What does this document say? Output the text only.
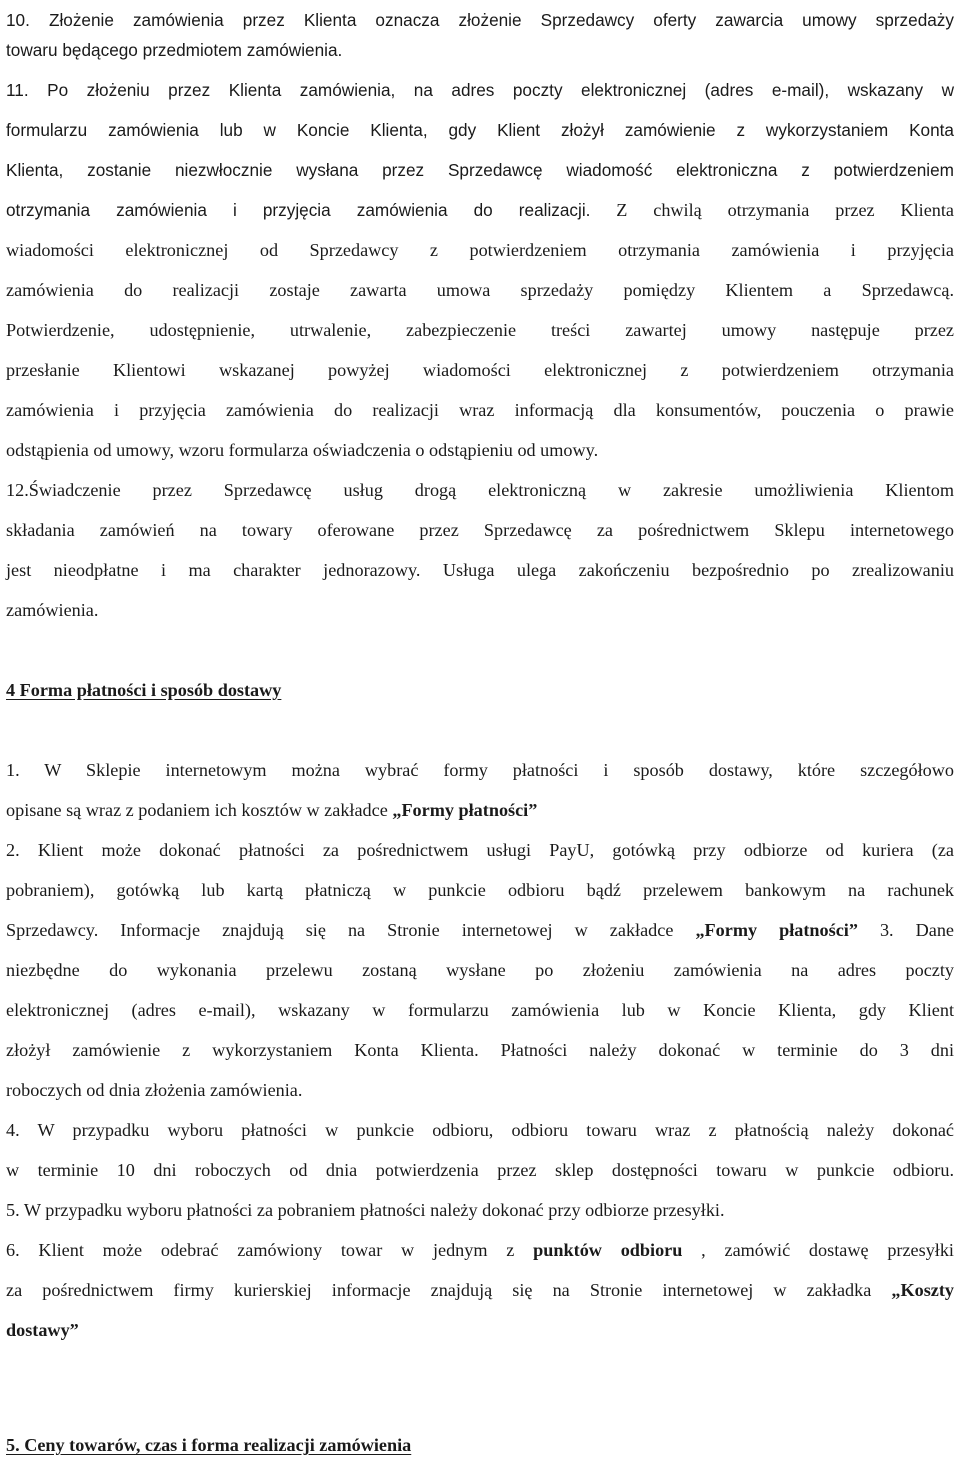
10. Złożenie zamówienia przez Klienta oznacza złożenie Sprzedawcy oferty zawarcia umowy sprzedaży
towaru będącego przedmiotem zamówienia.
11. Po złożeniu przez Klienta zamówienia, na adres poczty elektronicznej (adres e-mail), wskazany w
formularzu zamówienia lub w Koncie Klienta, gdy Klient złożył zamówienie z wykorzystaniem Konta
Klienta, zostanie niezwłocznie wysłana przez Sprzedawcę wiadomość elektroniczna z potwierdzeniem
otrzymania zamówienia i przyjęcia zamówienia do realizacji. Z chwilą otrzymania przez Klienta
wiadomości elektronicznej od Sprzedawcy z potwierdzeniem otrzymania zamówienia i przyjęcia
zamówienia do realizacji zostaje zawarta umowa sprzedaży pomiędzy Klientem a Sprzedawcą.
Potwierdzenie, udostępnienie, utrwalenie, zabezpieczenie treści zawartej umowy następuje przez
przesłanie Klientowi wskazanej powyżej wiadomości elektronicznej z potwierdzeniem otrzymania
zamówienia i przyjęcia zamówienia do realizacji wraz informacją dla konsumentów, pouczenia o prawie
odstąpienia od umowy, wzoru formularza oświadczenia o odstąpieniu od umowy.
12.Świadczenie przez Sprzedawcę usług drogą elektroniczną w zakresie umożliwienia Klientom
składania zamówień na towary oferowane przez Sprzedawcę za pośrednictwem Sklepu internetowego
jest nieodpłatne i ma charakter jednorazowy. Usługa ulega zakończeniu bezpośrednio po zrealizowaniu
zamówienia.
4 Forma płatności i sposób dostawy
1. W Sklepie internetowym można wybrać formy płatności i sposób dostawy, które szczegółowo
opisane są wraz z podaniem ich kosztów w zakładce „Formy płatności”
2. Klient może dokonać płatności za pośrednictwem usługi PayU, gotówką przy odbiorze od kuriera (za
pobraniem), gotówką lub kartą płatniczą w punkcie odbioru bądź przelewem bankowym na rachunek
Sprzedawcy. Informacje znajdują się na Stronie internetowej w zakładce „Formy płatności” 3. Dane
niezbędne do wykonania przelewu zostaną wysłane po złożeniu zamówienia na adres poczty
elektronicznej (adres e-mail), wskazany w formularzu zamówienia lub w Koncie Klienta, gdy Klient
złożył zamówienie z wykorzystaniem Konta Klienta. Płatności należy dokonać w terminie do 3 dni
roboczych od dnia złożenia zamówienia.
4. W przypadku wyboru płatności w punkcie odbioru, odbioru towaru wraz z płatnością należy dokonać
w terminie 10 dni roboczych od dnia potwierdzenia przez sklep dostępności towaru w punkcie odbioru.
5. W przypadku wyboru płatności za pobraniem płatności należy dokonać przy odbiorze przesyłki.
6. Klient może odebrać zamówiony towar w jednym z punktów odbioru , zamówić dostawę przesyłki
za pośrednictwem firmy kurierskiej informacje znajdują się na Stronie internetowej w zakładka „Koszty
dostawy”
5. Ceny towarów, czas i forma realizacji zamówienia
